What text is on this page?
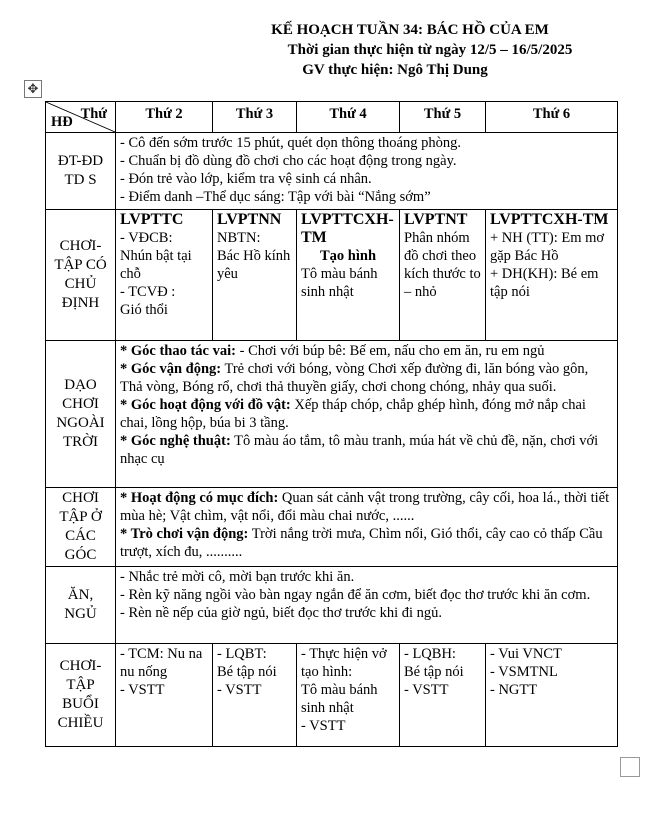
KẾ HOẠCH TUẦN 34: BÁC HỒ CỦA EM
Thời gian thực hiện từ ngày 12/5 – 16/5/2025
GV thực hiện: Ngô Thị Dung
✥
Thứ
HĐ	Thứ 2	Thứ 3	Thứ 4	Thứ 5	Thứ 6
ĐT-ĐD TD S	- Cô đến sớm trước 15 phút, quét dọn thông thoáng phòng.
- Chuẩn bị đồ dùng đồ chơi cho các hoạt động trong ngày.
- Đón trẻ vào lớp, kiểm tra vệ sinh cá nhân.
- Điểm danh –Thể dục sáng: Tập với bài “Nắng sớm”				

CHƠI-TẬP CÓ CHỦ ĐỊNH	LVPTTC
- VĐCB:
Nhún bật tại chỗ
- TCVĐ :
Gió thổi	LVPTNN
NBTN:
Bác Hồ kính yêu	LVPTTCXH-TM
Tạo hình
Tô màu bánh sinh nhật	LVPTNT
Phân nhóm đồ chơi theo kích thước to – nhỏ	LVPTTCXH-TM
+ NH (TT): Em mơ gặp Bác Hồ
+ DH(KH): Bé em tập nói

DẠO CHƠI NGOÀI TRỜI	* Góc thao tác vai: - Chơi với búp bê: Bế em, nấu cho em ăn, ru em ngủ
* Góc vận động: Trẻ chơi với bóng, vòng Chơi xếp đường đi, lăn bóng vào gôn, Thả vòng, Bóng rổ, chơi thả thuyền giấy, chơi chong chóng, nhảy qua suối.
* Góc hoạt động với đồ vật: Xếp tháp chóp, chắp ghép hình, đóng mở nắp chai chai, lồng hộp, búa bi 3 tầng.
* Góc nghệ thuật: Tô màu áo tắm, tô màu tranh, múa hát về chủ đề, nặn, chơi với nhạc cụ				

CHƠI TẬP Ở CÁC GÓC	* Hoạt động có mục đích: Quan sát cảnh vật trong trường, cây cối, hoa lá., thời tiết mùa hè; Vật chìm, vật nổi, đổi màu chai nước, ......
* Trò chơi vận động: Trời nắng trời mưa, Chìm nổi, Gió thổi, cây cao cỏ thấp Cầu trượt, xích đu, ..........				

ĂN, NGỦ	- Nhắc trẻ mời cô, mời bạn trước khi ăn.
- Rèn kỹ năng ngồi vào bàn ngay ngắn để ăn cơm, biết đọc thơ trước khi ăn cơm.
- Rèn nề nếp của giờ ngủ, biết đọc thơ trước khi đi ngủ.				

CHƠI-TẬP BUỔI CHIỀU	- TCM: Nu na nu nống
- VSTT	- LQBT:
Bé tập nói
- VSTT	- Thực hiện vở tạo hình:
Tô màu bánh sinh nhật
- VSTT	- LQBH:
Bé tập nói
- VSTT	- Vui VNCT
- VSMTNL
- NGTT
